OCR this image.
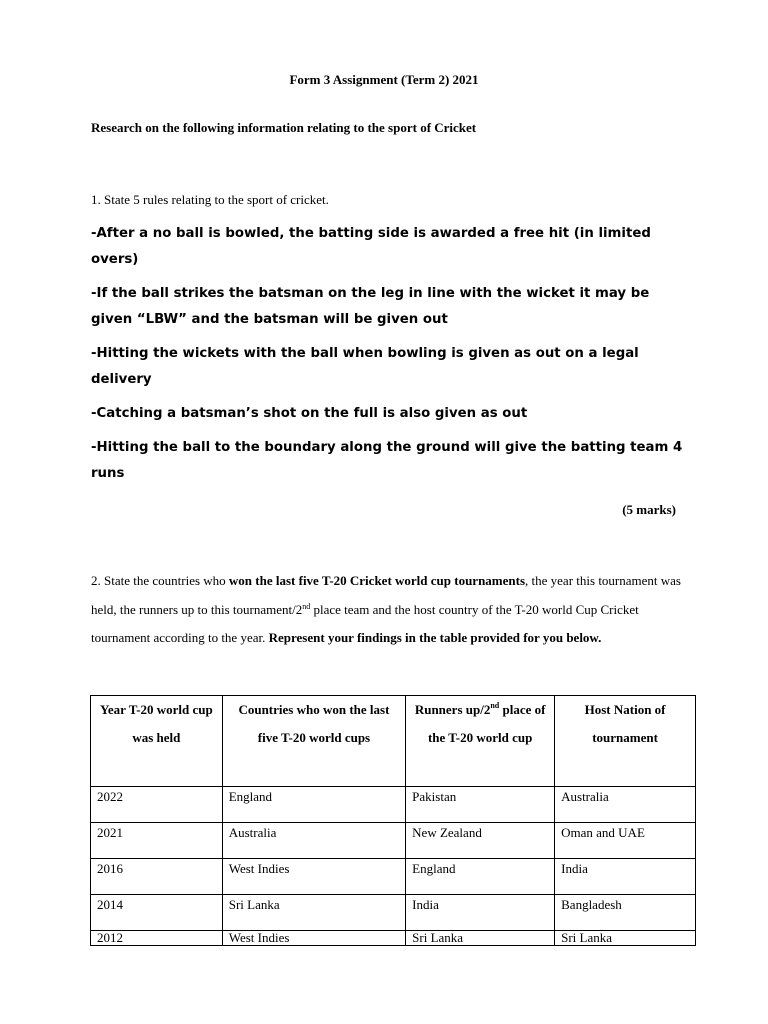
Form 3 Assignment (Term 2) 2021
Research on the following information relating to the sport of Cricket
1. State 5 rules relating to the sport of cricket.
-After a no ball is bowled, the batting side is awarded a free hit (in limited overs)
-If the ball strikes the batsman on the leg in line with the wicket it may be given “LBW” and the batsman will be given out
-Hitting the wickets with the ball when bowling is given as out on a legal delivery
-Catching a batsman’s shot on the full is also given as out
-Hitting the ball to the boundary along the ground will give the batting team 4 runs
(5 marks)
2. State the countries who won the last five T-20 Cricket world cup tournaments, the year this tournament was held, the runners up to this tournament/2nd place team and the host country of the T-20 world Cup Cricket tournament according to the year. Represent your findings in the table provided for you below.
Year T-20 world cup was held	Countries who won the last five T-20 world cups	Runners up/2nd place of the T-20 world cup	Host Nation of tournament
2022	England	Pakistan	Australia
2021	Australia	New Zealand	Oman and UAE
2016	West Indies	England	India
2014	Sri Lanka	India	Bangladesh
2012	West Indies	Sri Lanka	Sri Lanka
